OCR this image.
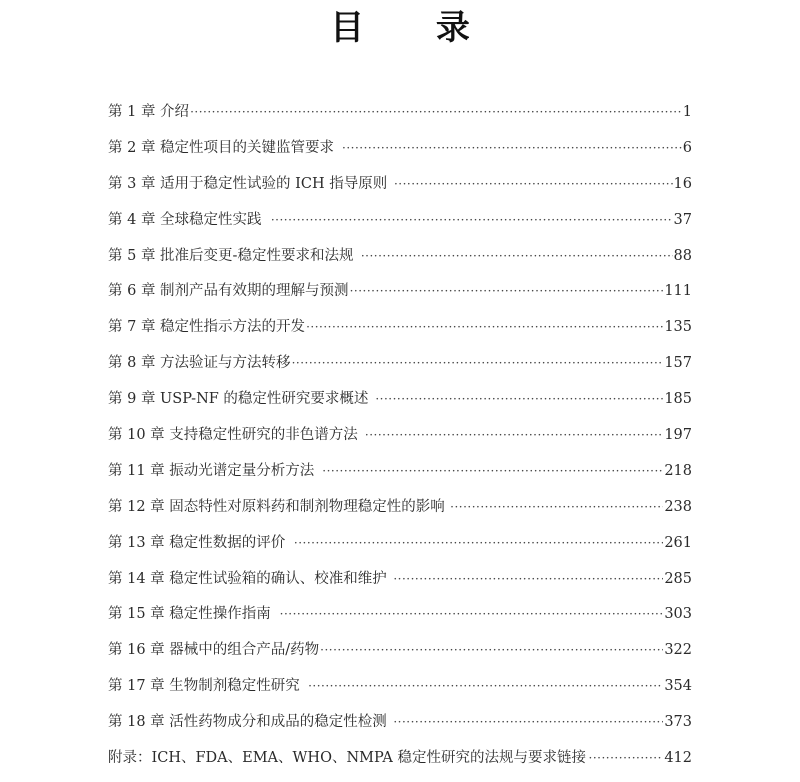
目 录
第 1 章 介绍 ·····	1
第 2 章 稳定性项目的关键监管要求 ·····	6
第 3 章 适用于稳定性试验的 ICH 指导原则 ·····	16
第 4 章 全球稳定性实践 ·····	37
第 5 章 批准后变更-稳定性要求和法规 ·····	88
第 6 章 制剂产品有效期的理解与预测 ·····	111
第 7 章 稳定性指示方法的开发 ·····	135
第 8 章 方法验证与方法转移 ·····	157
第 9 章 USP-NF 的稳定性研究要求概述 ·····	185
第 10 章 支持稳定性研究的非色谱方法 ·····	197
第 11 章 振动光谱定量分析方法 ·····	218
第 12 章 固态特性对原料药和制剂物理稳定性的影响 ·····	238
第 13 章 稳定性数据的评价 ·····	261
第 14 章 稳定性试验箱的确认、校准和维护 ·····	285
第 15 章 稳定性操作指南 ·····	303
第 16 章 器械中的组合产品/药物 ·····	322
第 17 章 生物制剂稳定性研究 ·····	354
第 18 章 活性药物成分和成品的稳定性检测 ·····	373
附录：ICH、FDA、EMA、WHO、NMPA 稳定性研究的法规与要求链接 ·····	412
